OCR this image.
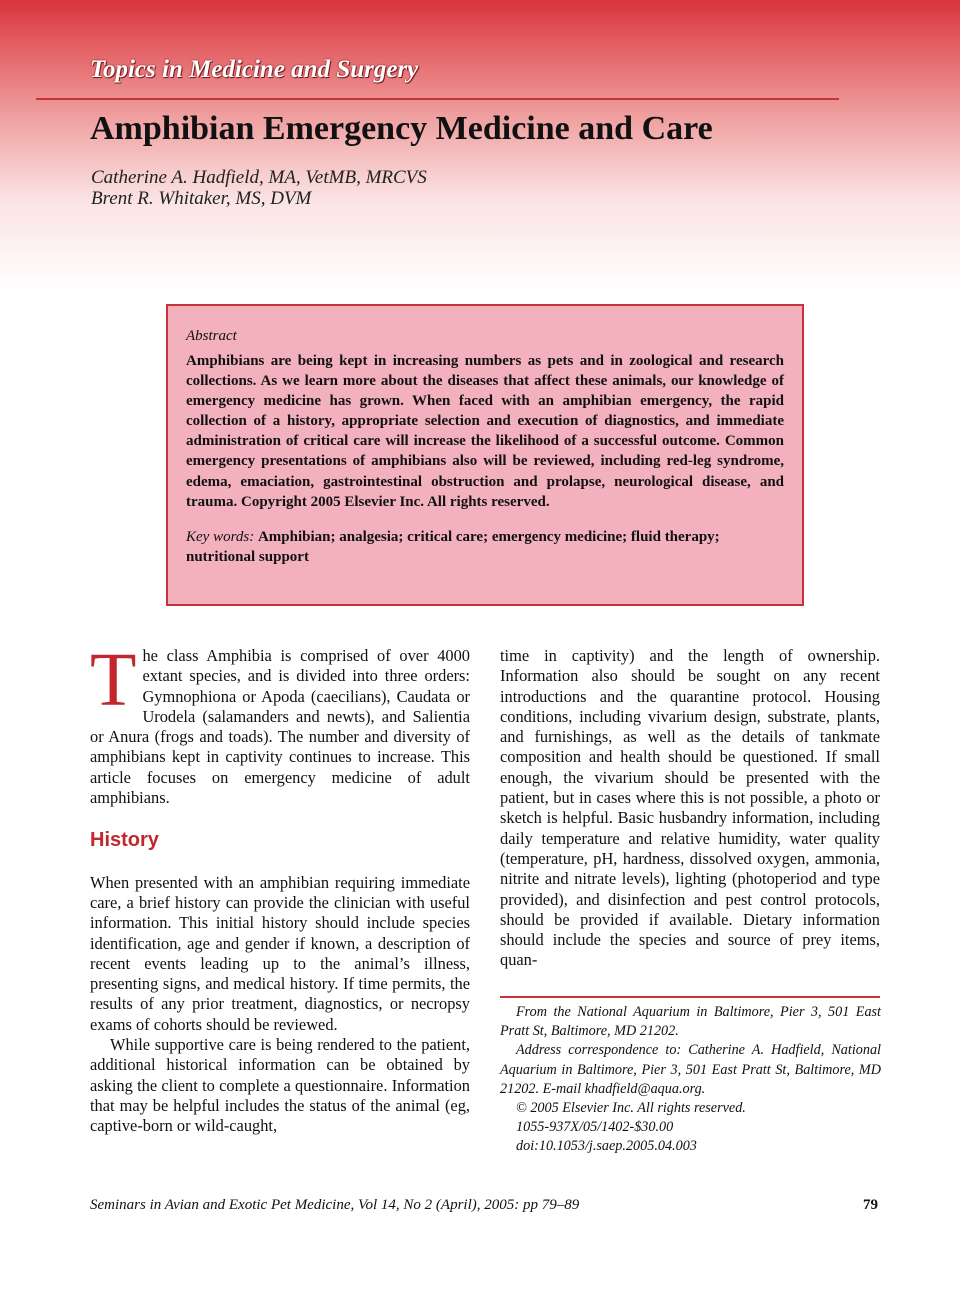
Topics in Medicine and Surgery
Amphibian Emergency Medicine and Care
Catherine A. Hadfield, MA, VetMB, MRCVS
Brent R. Whitaker, MS, DVM
Abstract
Amphibians are being kept in increasing numbers as pets and in zoological and research collections. As we learn more about the diseases that affect these animals, our knowledge of emergency medicine has grown. When faced with an amphibian emergency, the rapid collection of a history, appropriate selection and execution of diagnostics, and immediate administration of critical care will increase the likelihood of a successful outcome. Common emergency presentations of amphibians also will be reviewed, including red-leg syndrome, edema, emaciation, gastrointestinal obstruction and prolapse, neurological disease, and trauma. Copyright 2005 Elsevier Inc. All rights reserved.
Key words: Amphibian; analgesia; critical care; emergency medicine; fluid therapy; nutritional support

The class Amphibia is comprised of over 4000 extant species, and is divided into three orders: Gymnophiona or Apoda (caecilians), Caudata or Urodela (salamanders and newts), and Salientia or Anura (frogs and toads). The number and diversity of amphibians kept in captivity continues to increase. This article focuses on emergency medicine of adult amphibians.

History

When presented with an amphibian requiring immediate care, a brief history can provide the clinician with useful information. This initial history should include species identification, age and gender if known, a description of recent events leading up to the animal’s illness, presenting signs, and medical history. If time permits, the results of any prior treatment, diagnostics, or necropsy exams of cohorts should be reviewed.

While supportive care is being rendered to the patient, additional historical information can be obtained by asking the client to complete a questionnaire. Information that may be helpful includes the status of the animal (eg, captive-born or wild-caught,

time in captivity) and the length of ownership. Information also should be sought on any recent introductions and the quarantine protocol. Housing conditions, including vivarium design, substrate, plants, and furnishings, as well as the details of tankmate composition and health should be questioned. If small enough, the vivarium should be presented with the patient, but in cases where this is not possible, a photo or sketch is helpful. Basic husbandry information, including daily temperature and relative humidity, water quality (temperature, pH, hardness, dissolved oxygen, ammonia, nitrite and nitrate levels), lighting (photoperiod and type provided), and disinfection and pest control protocols, should be provided if available. Dietary information should include the species and source of prey items, quan-

From the National Aquarium in Baltimore, Pier 3, 501 East Pratt St, Baltimore, MD 21202.

Address correspondence to: Catherine A. Hadfield, National Aquarium in Baltimore, Pier 3, 501 East Pratt St, Baltimore, MD 21202. E-mail khadfield@aqua.org.

© 2005 Elsevier Inc. All rights reserved.

1055-937X/05/1402-$30.00

doi:10.1053/j.saep.2005.04.003

Seminars in Avian and Exotic Pet Medicine, Vol 14, No 2 (April), 2005: pp 79–89	79
